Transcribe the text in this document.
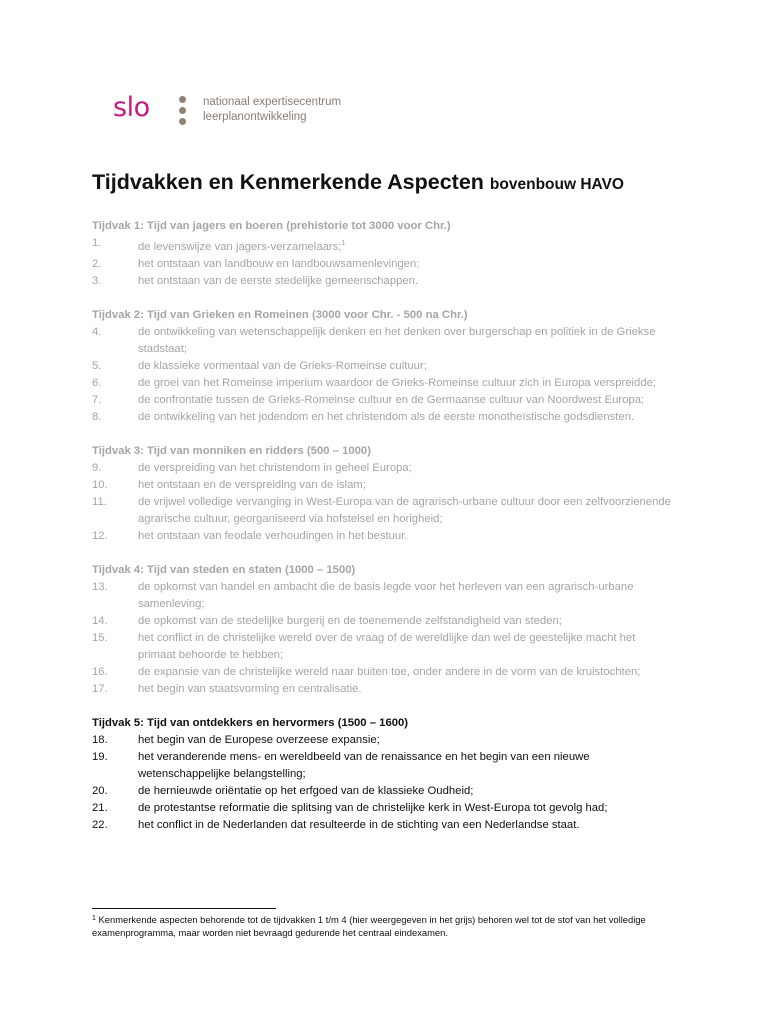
slo	nationaal expertisecentrum
leerplanontwikkeling
Tijdvakken en Kenmerkende Aspecten bovenbouw HAVO
Tijdvak 1: Tijd van jagers en boeren (prehistorie tot 3000 voor Chr.)
1.	de levenswijze van jagers-verzamelaars;$^1$
2.	het ontstaan van landbouw en landbouwsamenlevingen;
3.	het ontstaan van de eerste stedelijke gemeenschappen.
Tijdvak 2: Tijd van Grieken en Romeinen (3000 voor Chr. - 500 na Chr.)
4.	de ontwikkeling van wetenschappelijk denken en het denken over burgerschap en politiek in de Griekse stadstaat;
5.	de klassieke vormentaal van de Grieks-Romeinse cultuur;
6.	de groei van het Romeinse imperium waardoor de Grieks-Romeinse cultuur zich in Europa verspreidde;
7.	de confrontatie tussen de Grieks-Romeinse cultuur en de Germaanse cultuur van Noordwest Europa;
8.	de ontwikkeling van het jodendom en het christendom als de eerste monotheïstische godsdiensten.
Tijdvak 3: Tijd van monniken en ridders (500 – 1000)
9.	de verspreiding van het christendom in geheel Europa;
10.	het ontstaan en de verspreiding van de islam;
11.	de vrijwel volledige vervanging in West-Europa van de agrarisch-urbane cultuur door een zelfvoorzienende agrarische cultuur, georganiseerd via hofstelsel en horigheid;
12.	het ontstaan van feodale verhoudingen in het bestuur.
Tijdvak 4: Tijd van steden en staten (1000 – 1500)
13.	de opkomst van handel en ambacht die de basis legde voor het herleven van een agrarisch-urbane samenleving;
14.	de opkomst van de stedelijke burgerij en de toenemende zelfstandigheid van steden;
15.	het conflict in de christelijke wereld over de vraag of de wereldlijke dan wel de geestelijke macht het primaat behoorde te hebben;
16.	de expansie van de christelijke wereld naar buiten toe, onder andere in de vorm van de kruistochten;
17.	het begin van staatsvorming en centralisatie.
Tijdvak 5: Tijd van ontdekkers en hervormers (1500 – 1600)
18.	het begin van de Europese overzeese expansie;
19.	het veranderende mens- en wereldbeeld van de renaissance en het begin van een nieuwe wetenschappelijke belangstelling;
20.	de hernieuwde oriëntatie op het erfgoed van de klassieke Oudheid;
21.	de protestantse reformatie die splitsing van de christelijke kerk in West-Europa tot gevolg had;
22.	het conflict in de Nederlanden dat resulteerde in de stichting van een Nederlandse staat.
$^1$ Kenmerkende aspecten behorende tot de tijdvakken 1 t/m 4 (hier weergegeven in het grijs) behoren wel tot de stof van het volledige examenprogramma, maar worden niet bevraagd gedurende het centraal eindexamen.
